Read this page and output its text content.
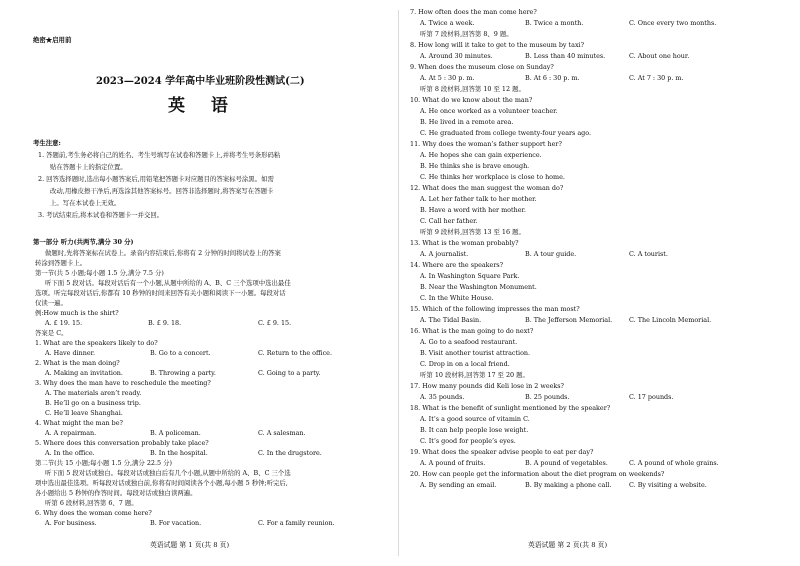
绝密★启用前
2023—2024 学年高中毕业班阶段性测试(二)
英 语
考生注意:
1. 答题前,考生务必将自己的姓名、考生号填写在试卷和答题卡上,并将考生号条形码粘
贴在答题卡上的指定位置。
2. 回答选择题时,选出每小题答案后,用铅笔把答题卡对应题目的答案标号涂黑。如需
改动,用橡皮擦干净后,再选涂其他答案标号。回答非选择题时,将答案写在答题卡
上。写在本试卷上无效。
3. 考试结束后,将本试卷和答题卡一并交回。
第一部分 听力(共两节,满分 30 分)
做题时,先将答案标在试卷上。录音内容结束后,你将有 2 分钟的时间将试卷上的答案
转涂到答题卡上。
第一节(共 5 小题;每小题 1.5 分,满分 7.5 分)
听下面 5 段对话。每段对话后有一个小题,从题中所给的 A、B、C 三个选项中选出最佳
选项。听完每段对话后,你都有 10 秒钟的时间来回答有关小题和阅读下一小题。每段对话
仅读一遍。
例:How much is the shirt?
A. £ 19. 15.	B. £ 9. 18.	C. £ 9. 15.
答案是 C。
1. What are the speakers likely to do?
A. Have dinner.	B. Go to a concert.	C. Return to the office.
2. What is the man doing?
A. Making an invitation.	B. Throwing a party.	C. Going to a party.
3. Why does the man have to reschedule the meeting?
A. The materials aren’t ready.
B. He’ll go on a business trip.
C. He’ll leave Shanghai.
4. What might the man be?
A. A repairman.	B. A policeman.	C. A salesman.
5. Where does this conversation probably take place?
A. In the office.	B. In the hospital.	C. In the drugstore.
第二节(共 15 小题;每小题 1.5 分,满分 22.5 分)
听下面 5 段对话或独白。每段对话或独白后有几个小题,从题中所给的 A、B、C 三个选
项中选出最佳选项。听每段对话或独白前,你将有时间阅读各个小题,每小题 5 秒钟;听完后,
各小题给出 5 秒钟的作答时间。每段对话或独白读两遍。
听第 6 段材料,回答第 6、7 题。
6. Why does the woman come here?
A. For business.	B. For vacation.	C. For a family reunion.
英语试题 第 1 页(共 8 页)
7. How often does the man come here?
A. Twice a week.	B. Twice a month.	C. Once every two months.
听第 7 段材料,回答第 8、9 题。
8. How long will it take to get to the museum by taxi?
A. Around 30 minutes.	B. Less than 40 minutes.	C. About one hour.
9. When does the museum close on Sunday?
A. At 5 : 30 p. m.	B. At 6 : 30 p. m.	C. At 7 : 30 p. m.
听第 8 段材料,回答第 10 至 12 题。
10. What do we know about the man?
A. He once worked as a volunteer teacher.
B. He lived in a remote area.
C. He graduated from college twenty-four years ago.
11. Why does the woman’s father support her?
A. He hopes she can gain experience.
B. He thinks she is brave enough.
C. He thinks her workplace is close to home.
12. What does the man suggest the woman do?
A. Let her father talk to her mother.
B. Have a word with her mother.
C. Call her father.
听第 9 段材料,回答第 13 至 16 题。
13. What is the woman probably?
A. A journalist.	B. A tour guide.	C. A tourist.
14. Where are the speakers?
A. In Washington Square Park.
B. Near the Washington Monument.
C. In the White House.
15. Which of the following impresses the man most?
A. The Tidal Basin.	B. The Jefferson Memorial.	C. The Lincoln Memorial.
16. What is the man going to do next?
A. Go to a seafood restaurant.
B. Visit another tourist attraction.
C. Drop in on a local friend.
听第 10 段材料,回答第 17 至 20 题。
17. How many pounds did Keli lose in 2 weeks?
A. 35 pounds.	B. 25 pounds.	C. 17 pounds.
18. What is the benefit of sunlight mentioned by the speaker?
A. It’s a good source of vitamin C.
B. It can help people lose weight.
C. It’s good for people’s eyes.
19. What does the speaker advise people to eat per day?
A. A pound of fruits.	B. A pound of vegetables.	C. A pound of whole grains.
20. How can people get the information about the diet program on weekends?
A. By sending an email.	B. By making a phone call.	C. By visiting a website.
英语试题 第 2 页(共 8 页)
